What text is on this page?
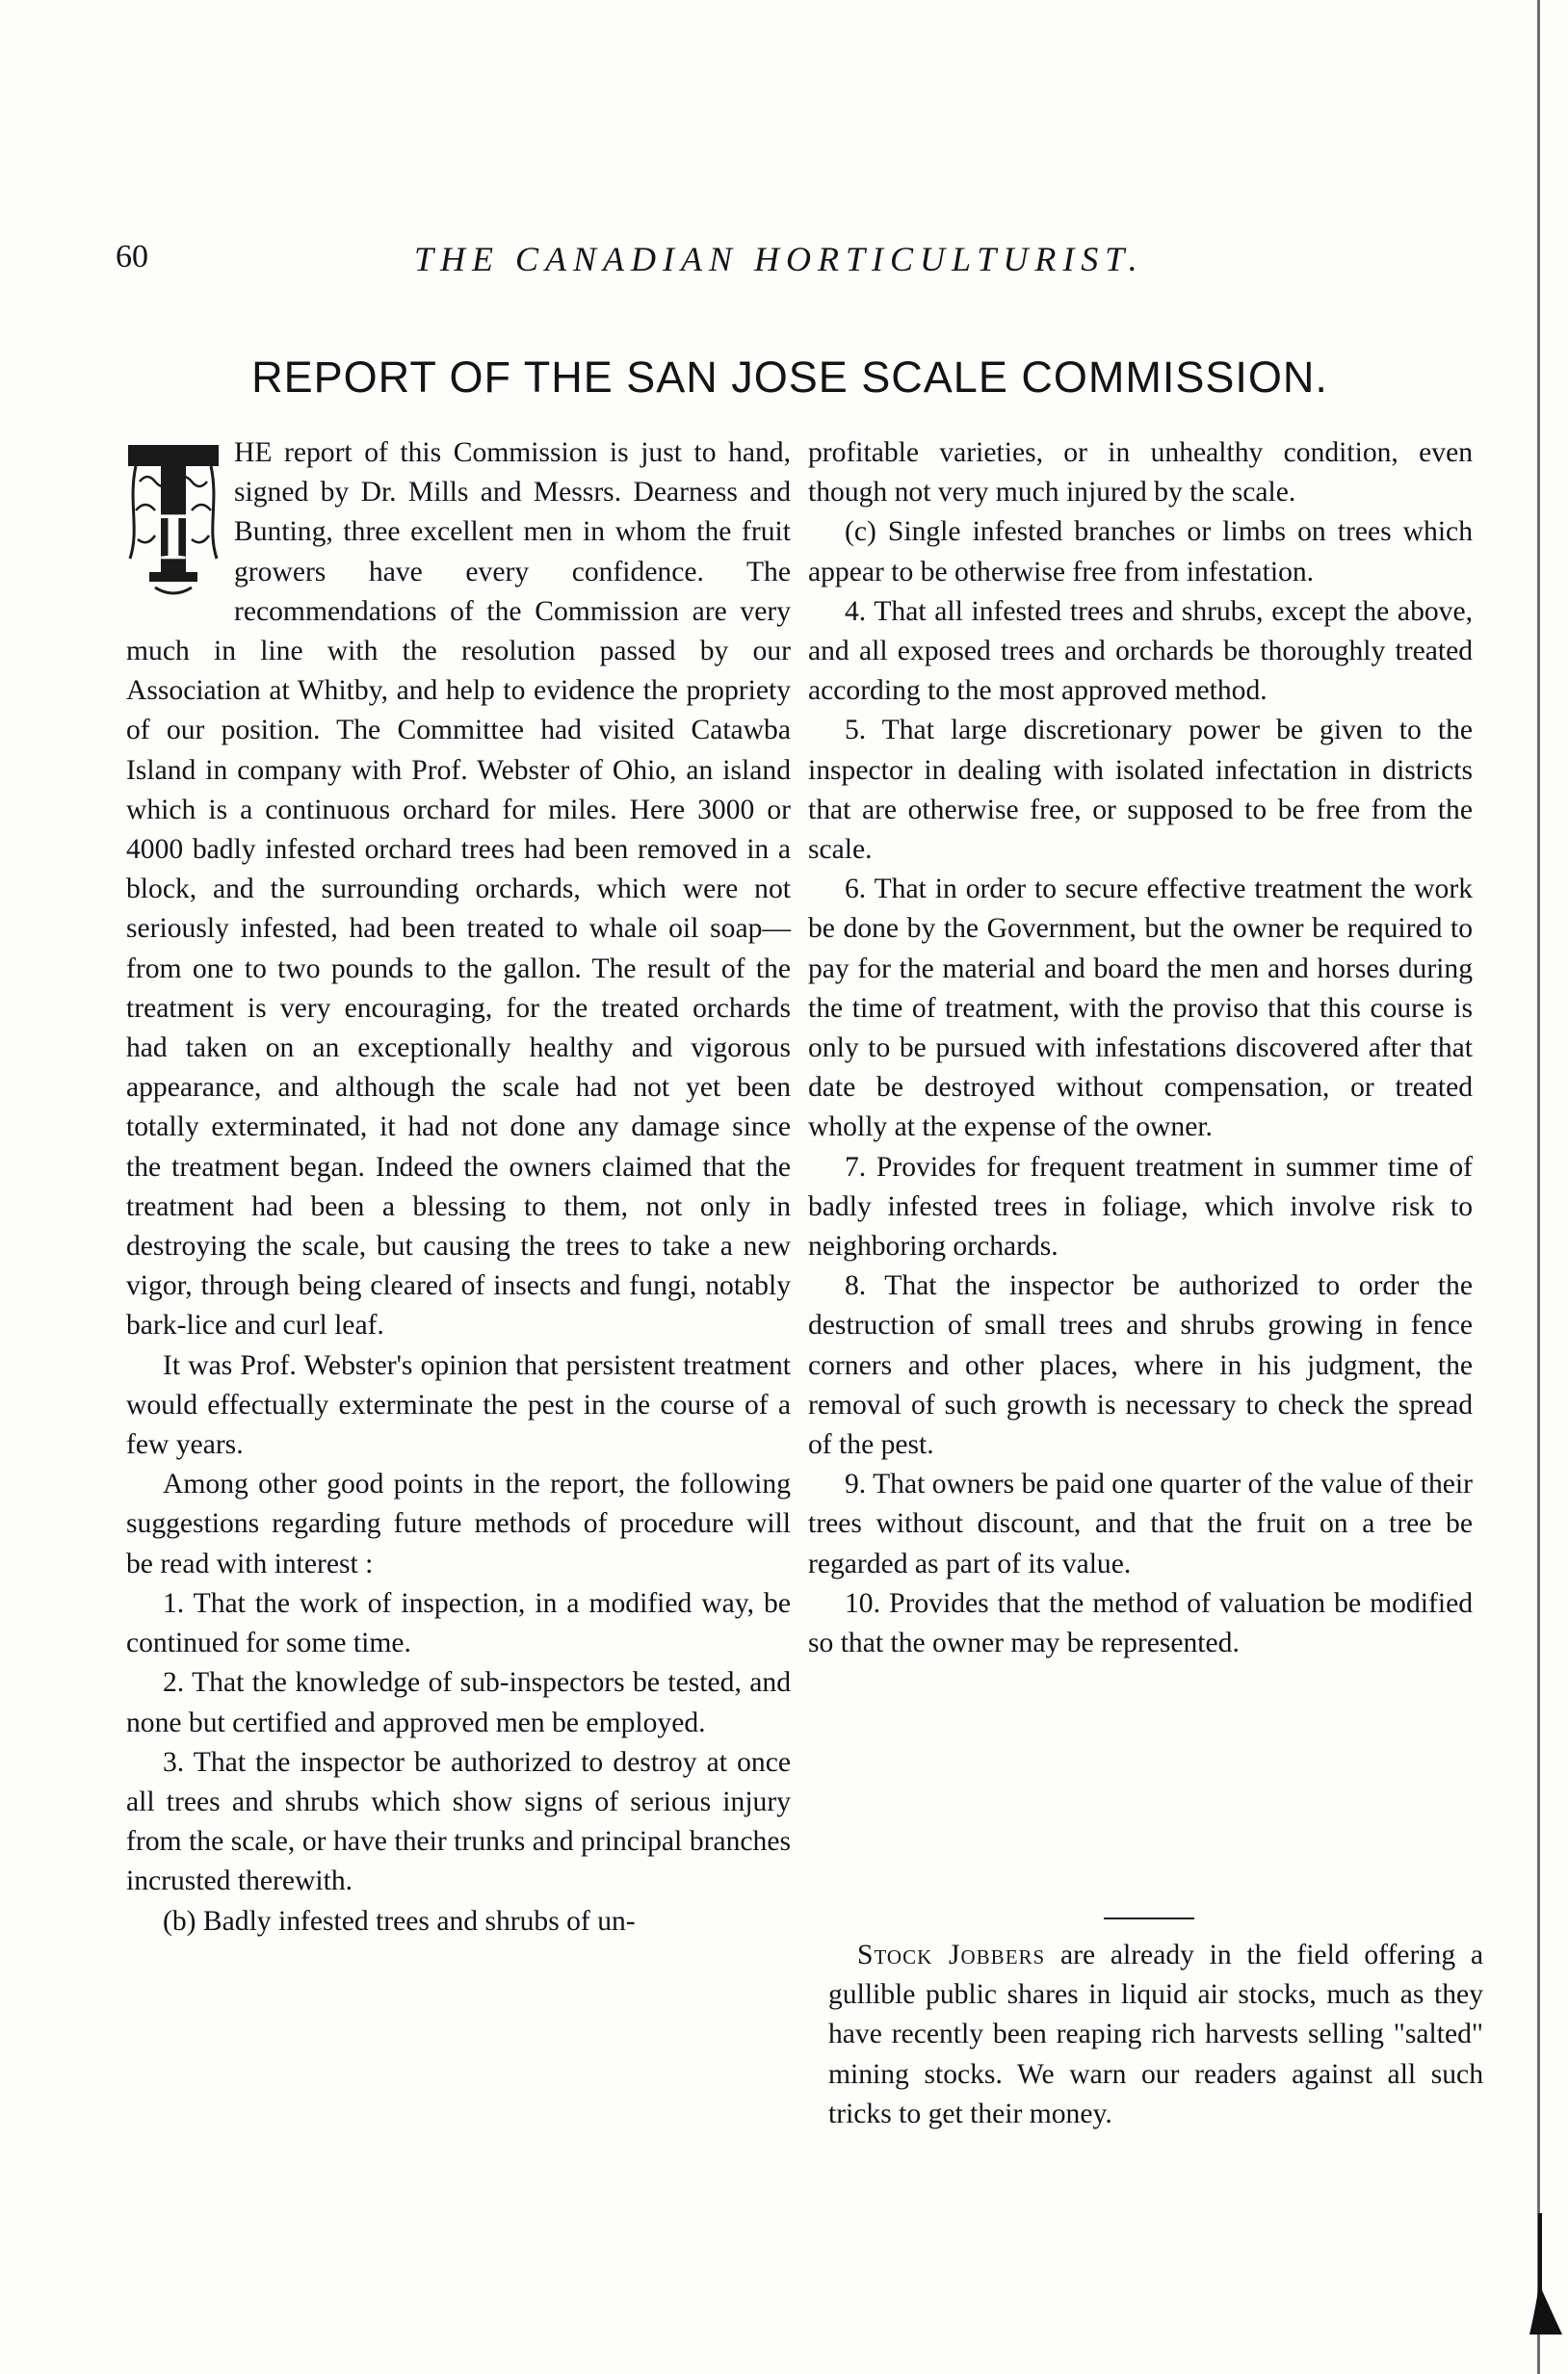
60	THE CANADIAN HORTICULTURIST.
REPORT OF THE SAN JOSE SCALE COMMISSION.

T
HE report of this Commission is just to hand, signed by Dr. Mills and Messrs. Dearness and Bunting, three excellent men in whom the fruit growers have every confidence. The recommendations of the Commission are very much in line with the resolution passed by our Association at Whitby, and help to evidence the propriety of our position. The Committee had visited Catawba Island in company with Prof. Webster of Ohio, an island which is a continuous orchard for miles. Here 3000 or 4000 badly infested orchard trees had been removed in a block, and the surrounding orchards, which were not seriously infested, had been treated to whale oil soap—from one to two pounds to the gallon. The result of the treatment is very encouraging, for the treated orchards had taken on an exceptionally healthy and vigorous appearance, and although the scale had not yet been totally exterminated, it had not done any damage since the treatment began. Indeed the owners claimed that the treatment had been a blessing to them, not only in destroying the scale, but causing the trees to take a new vigor, through being cleared of insects and fungi, notably bark-lice and curl leaf.

It was Prof. Webster's opinion that persistent treatment would effectually exterminate the pest in the course of a few years.

Among other good points in the report, the following suggestions regarding future methods of procedure will be read with interest :

1. That the work of inspection, in a modified way, be continued for some time.

2. That the knowledge of sub-inspectors be tested, and none but certified and approved men be employed.

3. That the inspector be authorized to destroy at once all trees and shrubs which show signs of serious injury from the scale, or have their trunks and principal branches incrusted therewith.

(b) Badly infested trees and shrubs of un-

profitable varieties, or in unhealthy condition, even though not very much injured by the scale.

(c) Single infested branches or limbs on trees which appear to be otherwise free from infestation.

4. That all infested trees and shrubs, except the above, and all exposed trees and orchards be thoroughly treated according to the most approved method.

5. That large discretionary power be given to the inspector in dealing with isolated infectation in districts that are otherwise free, or supposed to be free from the scale.

6. That in order to secure effective treatment the work be done by the Government, but the owner be required to pay for the material and board the men and horses during the time of treatment, with the proviso that this course is only to be pursued with infestations discovered after that date be destroyed without compensation, or treated wholly at the expense of the owner.

7. Provides for frequent treatment in summer time of badly infested trees in foliage, which involve risk to neighboring orchards.

8. That the inspector be authorized to order the destruction of small trees and shrubs growing in fence corners and other places, where in his judgment, the removal of such growth is necessary to check the spread of the pest.

9. That owners be paid one quarter of the value of their trees without discount, and that the fruit on a tree be regarded as part of its value.

10. Provides that the method of valuation be modified so that the owner may be represented.

Stock Jobbers are already in the field offering a gullible public shares in liquid air stocks, much as they have recently been reaping rich harvests selling "salted" mining stocks. We warn our readers against all such tricks to get their money.
